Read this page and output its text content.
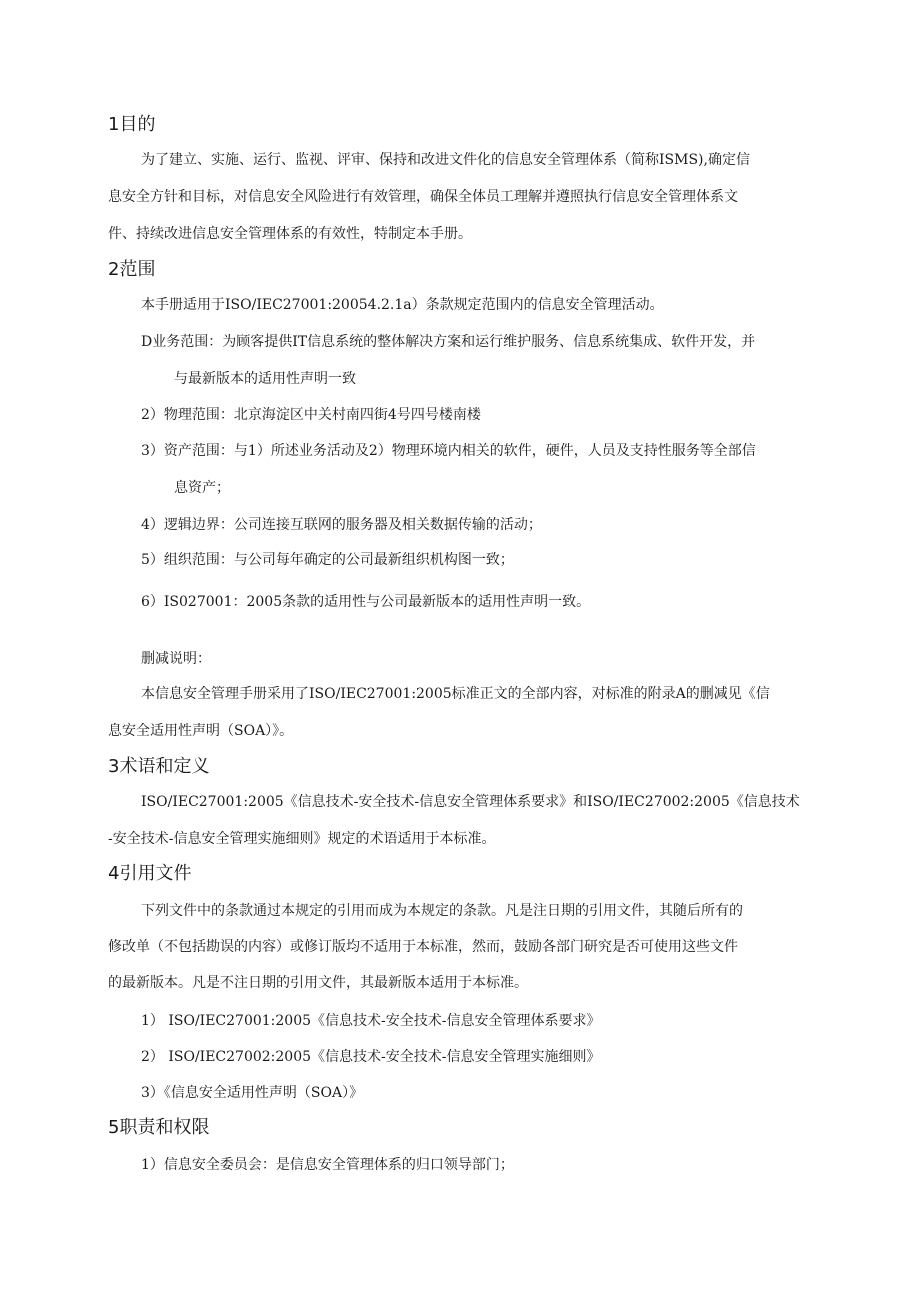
1目的
为了建立、实施、运行、监视、评审、保持和改进文件化的信息安全管理体系（简称ISMS),确定信
息安全方针和目标，对信息安全风险进行有效管理，确保全体员工理解并遵照执行信息安全管理体系文
件、持续改进信息安全管理体系的有效性，特制定本手册。
2范围
本手册适用于ISO/IEC27001:20054.2.1a）条款规定范围内的信息安全管理活动。
D业务范围：为顾客提供IT信息系统的整体解决方案和运行维护服务、信息系统集成、软件开发，并
与最新版本的适用性声明一致
2）物理范围：北京海淀区中关村南四街4号四号楼南楼
3）资产范围：与1）所述业务活动及2）物理环境内相关的软件，硬件，人员及支持性服务等全部信
息资产；
4）逻辑边界：公司连接互联网的服务器及相关数据传输的活动；
5）组织范围：与公司每年确定的公司最新组织机构图一致；
6）IS027001：2005条款的适用性与公司最新版本的适用性声明一致。
删减说明：
本信息安全管理手册采用了ISO/IEC27001:2005标准正文的全部内容，对标准的附录A的删减见《信
息安全适用性声明（SOA）》。
3术语和定义
ISO/IEC27001:2005《信息技术-安全技术-信息安全管理体系要求》和ISO/IEC27002:2005《信息技术
-安全技术-信息安全管理实施细则》规定的术语适用于本标准。
4引用文件
下列文件中的条款通过本规定的引用而成为本规定的条款。凡是注日期的引用文件，其随后所有的
修改单（不包括勘误的内容）或修订版均不适用于本标准，然而，鼓励各部门研究是否可使用这些文件
的最新版本。凡是不注日期的引用文件，其最新版本适用于本标准。
1） ISO/IEC27001:2005《信息技术-安全技术-信息安全管理体系要求》
2） ISO/IEC27002:2005《信息技术-安全技术-信息安全管理实施细则》
3）《信息安全适用性声明（SOA）》
5职责和权限
1）信息安全委员会：是信息安全管理体系的归口领导部门；
